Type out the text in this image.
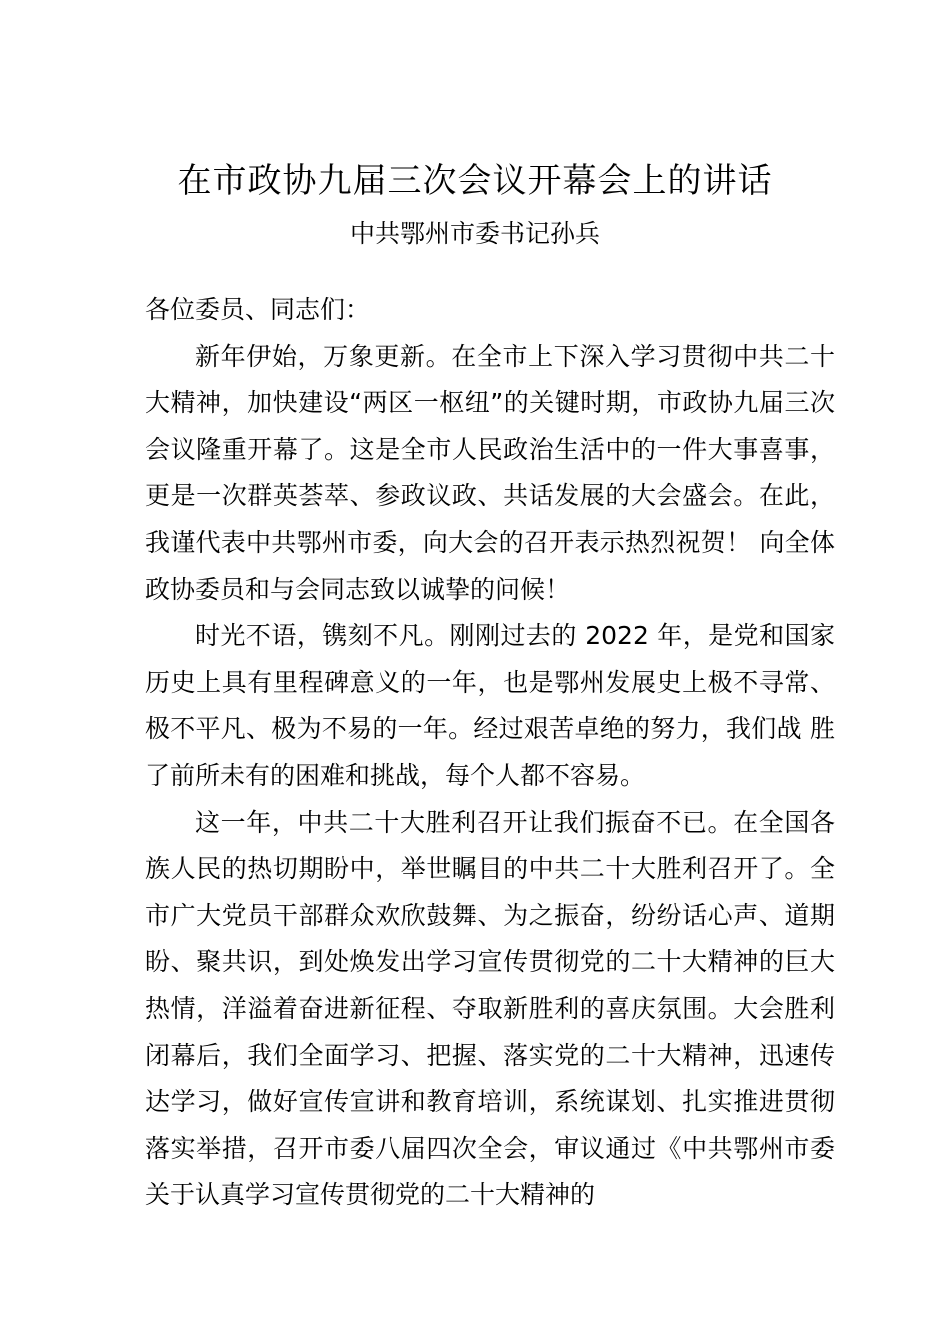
在市政协九届三次会议开幕会上的讲话
中共鄂州市委书记孙兵

各位委员、同志们：

新年伊始，万象更新。在全市上下深入学习贯彻中共二十大精神，加快建设“两区一枢纽”的关键时期，市政协九届三次会议隆重开幕了。这是全市人民政治生活中的一件大事喜事，更是一次群英荟萃、参政议政、共话发展的大会盛会。在此，我谨代表中共鄂州市委，向大会的召开表示热烈祝贺！ 向全体政协委员和与会同志致以诚挚的问候！

时光不语，镌刻不凡。刚刚过去的 2022 年，是党和国家历史上具有里程碑意义的一年，也是鄂州发展史上极不寻常、极不平凡、极为不易的一年。经过艰苦卓绝的努力，我们战 胜了前所未有的困难和挑战，每个人都不容易。

这一年，中共二十大胜利召开让我们振奋不已。在全国各族人民的热切期盼中，举世瞩目的中共二十大胜利召开了。全市广大党员干部群众欢欣鼓舞、为之振奋，纷纷话心声、道期盼、聚共识，到处焕发出学习宣传贯彻党的二十大精神的巨大热情，洋溢着奋进新征程、夺取新胜利的喜庆氛围。大会胜利闭幕后，我们全面学习、把握、落实党的二十大精神，迅速传达学习，做好宣传宣讲和教育培训，系统谋划、扎实推进贯彻落实举措，召开市委八届四次全会，审议通过《中共鄂州市委关于认真学习宣传贯彻党的二十大精神的
